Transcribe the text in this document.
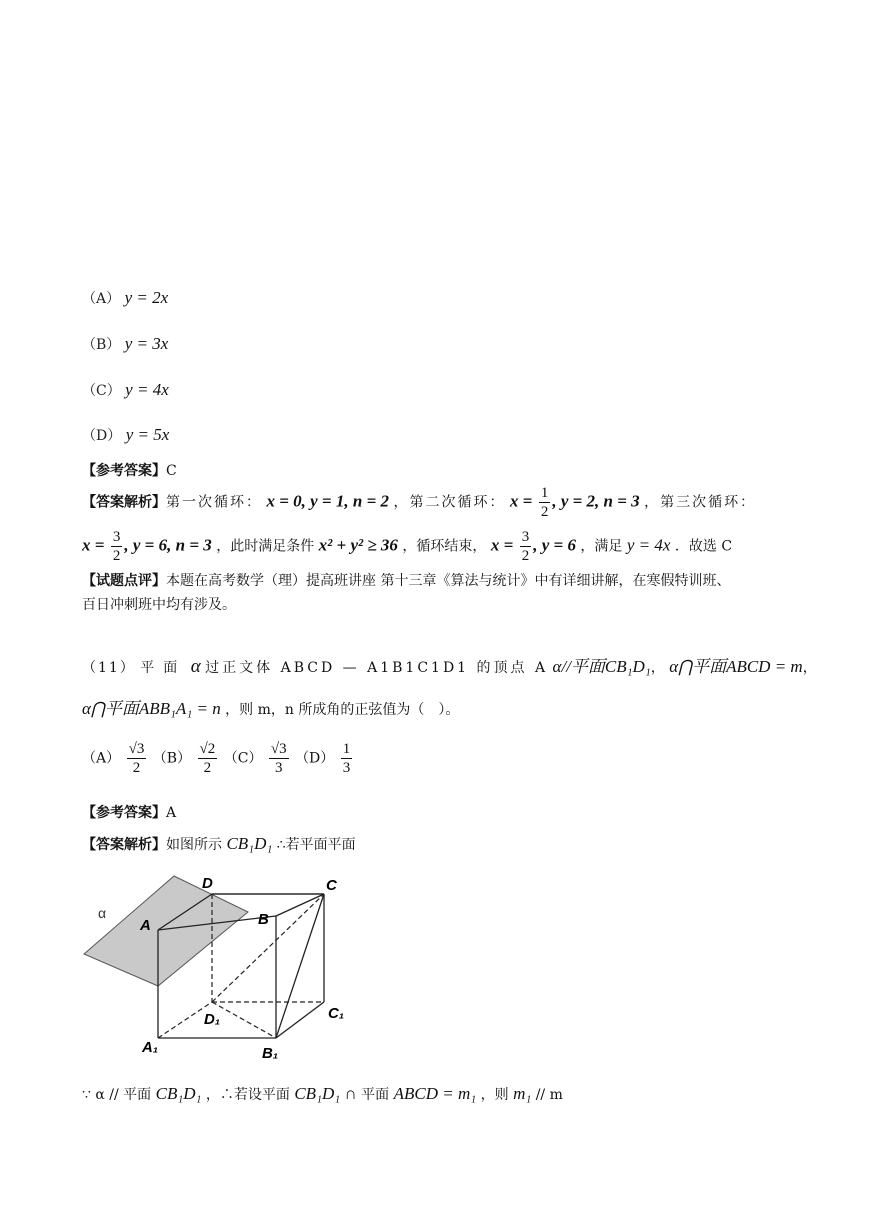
（A） y = 2x
（B） y = 3x
（C） y = 4x
（D） y = 5x
【参考答案】C
【答案解析】第一次循环： x = 0, y = 1, n = 2 ，第二次循环： $x = \frac{1}{2}$ , y = 2, n = 3 ，第三次循环：
$x = \frac{3}{2}$ , y = 6, n = 3 ，此时满足条件 x² + y² ≥ 36 ，循环结束， $x = \frac{3}{2}$ , y = 6 ，满足 y = 4x ．故选 C
【试题点评】本题在高考数学（理）提高班讲座 第十三章《算法与统计》中有详细讲解，在寒假特训班、
百日冲刺班中均有涉及。
（11） 平面 α 过正文体 ABCD — A1B1C1D1 的顶点 A α//平面CB₁D₁， α⋂平面ABCD = m，
α⋂平面ABB₁A₁ = n ，则 m，n 所成角的正弦值为（　）。
$(A) \frac{√3}{2} (B) \frac{√2}{2} (C) \frac{√3}{3} (D) \frac{1}{3}$
【参考答案】A
【答案解析】如图所示 CB₁D₁ ∴若平面平面
D	C
A	B
D₁	C₁
A₁	B₁
α
∵ α // 平面 CB₁D₁ ，∴若设平面 CB₁D₁ ∩ 平面 ABCD = m₁ ，则 m₁ // m
